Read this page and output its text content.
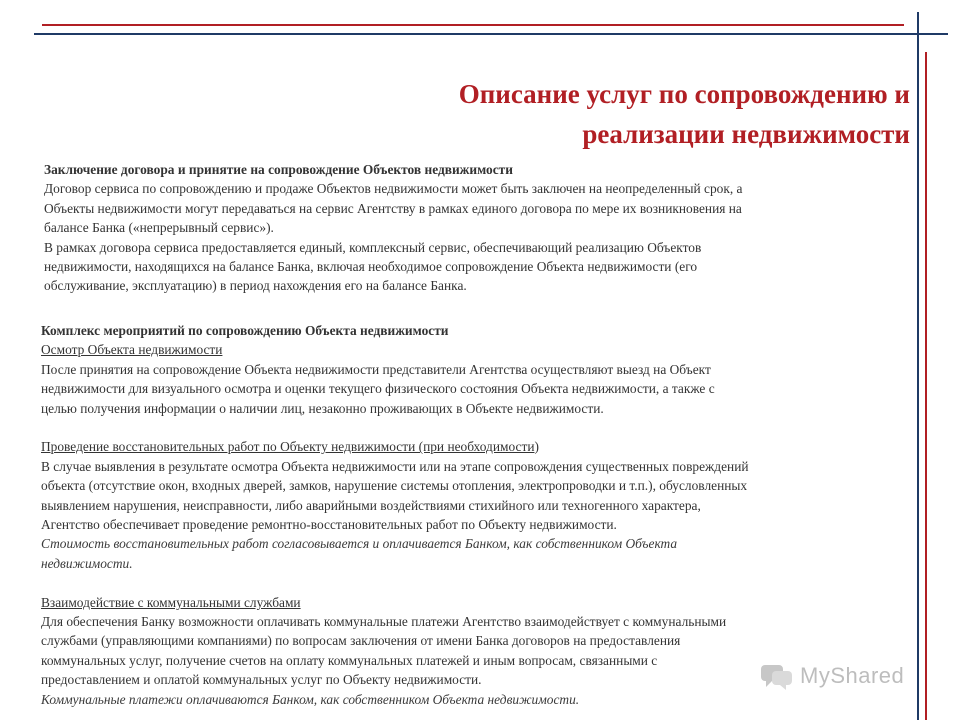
Описание услуг по сопровождению и
реализации недвижимости
Заключение договора и принятие на сопровождение Объектов недвижимости
Договор сервиса по сопровождению и продаже Объектов недвижимости может быть заключен на неопределенный срок, а
Объекты недвижимости могут передаваться на сервис Агентству в рамках единого договора по мере их возникновения на
балансе Банка («непрерывный сервис»).
В рамках договора сервиса предоставляется единый, комплексный сервис, обеспечивающий реализацию Объектов
недвижимости, находящихся на балансе Банка, включая необходимое сопровождение Объекта недвижимости (его
обслуживание, эксплуатацию) в период нахождения его на балансе Банка.
Комплекс мероприятий по сопровождению Объекта недвижимости
Осмотр Объекта недвижимости
После принятия на сопровождение Объекта недвижимости представители Агентства осуществляют выезд на Объект
недвижимости для визуального осмотра и оценки текущего физического состояния Объекта недвижимости, а также с
целью получения информации о наличии лиц, незаконно проживающих в Объекте недвижимости.
Проведение восстановительных работ по Объекту недвижимости (при необходимости)
В случае выявления в результате осмотра Объекта недвижимости или на этапе сопровождения существенных повреждений
объекта (отсутствие окон, входных дверей, замков, нарушение системы отопления, электропроводки и т.п.), обусловленных
выявлением нарушения, неисправности, либо аварийными воздействиями стихийного или техногенного характера,
Агентство обеспечивает проведение ремонтно-восстановительных работ по Объекту недвижимости.
Стоимость восстановительных работ согласовывается и оплачивается Банком, как собственником Объекта
недвижимости.
Взаимодействие с коммунальными службами
Для обеспечения Банку возможности оплачивать коммунальные платежи Агентство взаимодействует с коммунальными
службами (управляющими компаниями) по вопросам заключения от имени Банка договоров на предоставления
коммунальных услуг, получение счетов на оплату коммунальных платежей и иным вопросам, связанными с
предоставлением и оплатой коммунальных услуг по Объекту недвижимости.
Коммунальные платежи оплачиваются Банком, как собственником Объекта недвижимости.
MyShared
